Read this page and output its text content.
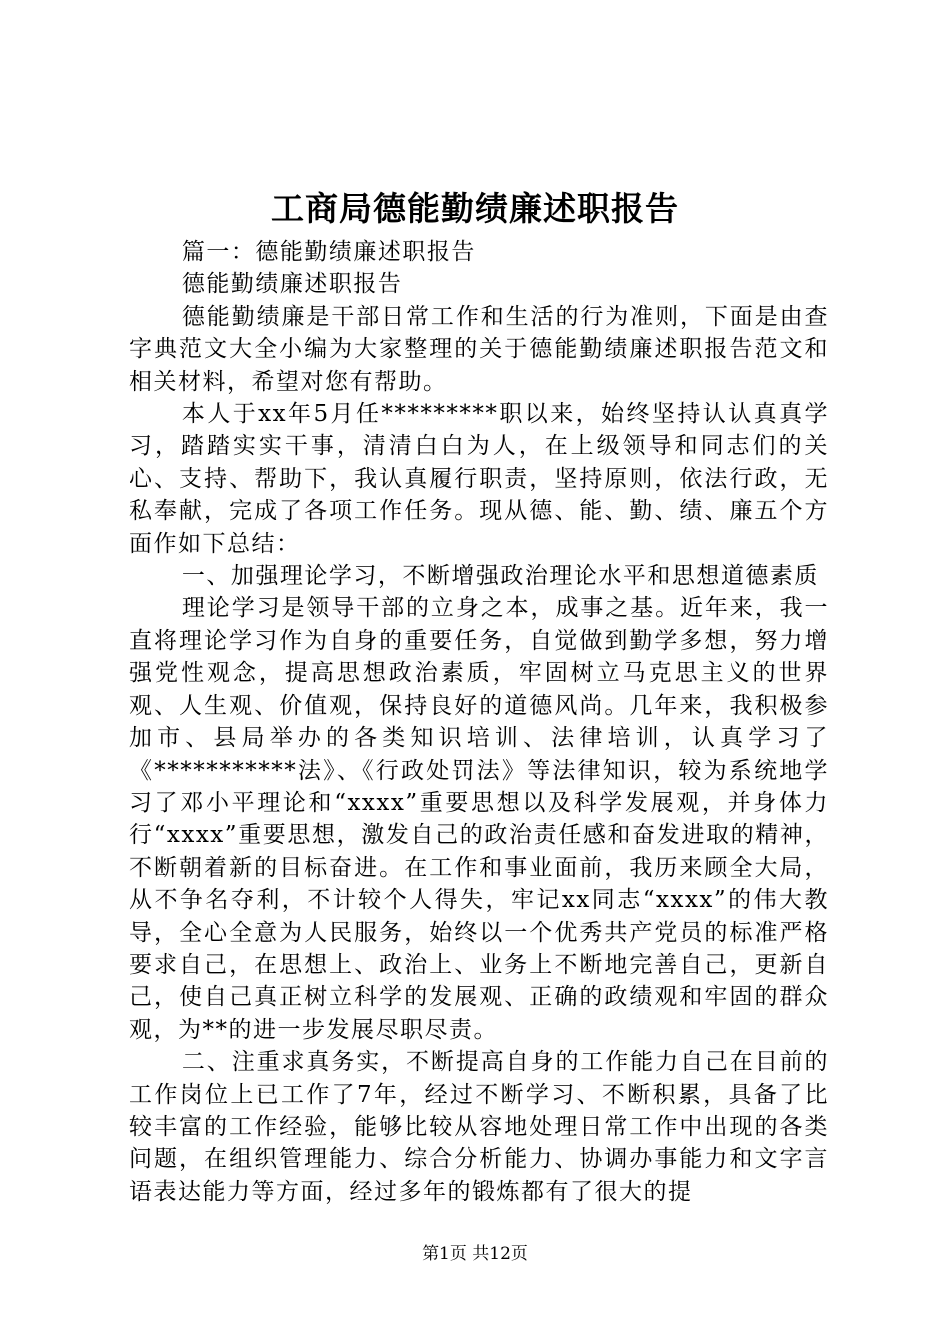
工商局德能勤绩廉述职报告

篇一：德能勤绩廉述职报告

德能勤绩廉述职报告

德能勤绩廉是干部日常工作和生活的行为准则，下面是由查字典范文大全小编为大家整理的关于德能勤绩廉述职报告范文和相关材料，希望对您有帮助。

本人于xx年5月任*********职以来，始终坚持认认真真学习，踏踏实实干事，清清白白为人，在上级领导和同志们的关心、支持、帮助下，我认真履行职责，坚持原则，依法行政，无私奉献，完成了各项工作任务。现从德、能、勤、绩、廉五个方面作如下总结：

一、加强理论学习，不断增强政治理论水平和思想道德素质

理论学习是领导干部的立身之本，成事之基。近年来，我一直将理论学习作为自身的重要任务，自觉做到勤学多想，努力增强党性观念，提高思想政治素质，牢固树立马克思主义的世界观、人生观、价值观，保持良好的道德风尚。几年来，我积极参加市、县局举办的各类知识培训、法律培训，认真学习了《***********法》、《行政处罚法》等法律知识，较为系统地学习了邓小平理论和“xxxx”重要思想以及科学发展观，并身体力行“xxxx”重要思想，激发自己的政治责任感和奋发进取的精神，不断朝着新的目标奋进。在工作和事业面前，我历来顾全大局，从不争名夺利，不计较个人得失，牢记xx同志“xxxx”的伟大教导，全心全意为人民服务，始终以一个优秀共产党员的标准严格要求自己，在思想上、政治上、业务上不断地完善自己，更新自己，使自己真正树立科学的发展观、正确的政绩观和牢固的群众观，为**的进一步发展尽职尽责。

二、注重求真务实，不断提高自身的工作能力自己在目前的工作岗位上已工作了7年，经过不断学习、不断积累，具备了比较丰富的工作经验，能够比较从容地处理日常工作中出现的各类问题，在组织管理能力、综合分析能力、协调办事能力和文字言语表达能力等方面，经过多年的锻炼都有了很大的提

第1页 共12页
